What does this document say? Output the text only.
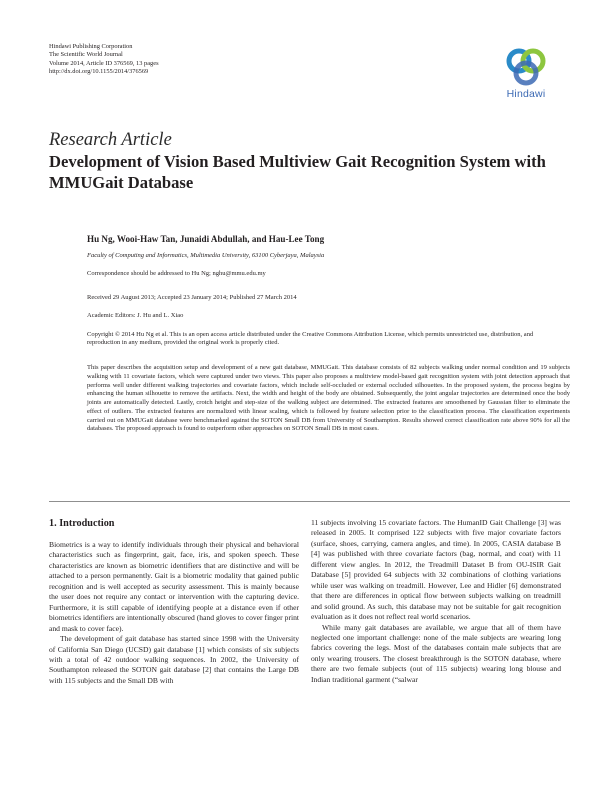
Hindawi Publishing Corporation
The Scientific World Journal
Volume 2014, Article ID 376569, 13 pages
http://dx.doi.org/10.1155/2014/376569
Hindawi
Research Article
Development of Vision Based Multiview Gait Recognition System with MMUGait Database
Hu Ng, Wooi-Haw Tan, Junaidi Abdullah, and Hau-Lee Tong
Faculty of Computing and Informatics, Multimedia University, 63100 Cyberjaya, Malaysia
Correspondence should be addressed to Hu Ng; nghu@mmu.edu.my
Received 29 August 2013; Accepted 23 January 2014; Published 27 March 2014
Academic Editors: J. Hu and L. Xiao
Copyright © 2014 Hu Ng et al. This is an open access article distributed under the Creative Commons Attribution License, which permits unrestricted use, distribution, and reproduction in any medium, provided the original work is properly cited.

This paper describes the acquisition setup and development of a new gait database, MMUGait. This database consists of 82 subjects walking under normal condition and 19 subjects walking with 11 covariate factors, which were captured under two views. This paper also proposes a multiview model-based gait recognition system with joint detection approach that performs well under different walking trajectories and covariate factors, which include self-occluded or external occluded silhouettes. In the proposed system, the process begins by enhancing the human silhouette to remove the artifacts. Next, the width and height of the body are obtained. Subsequently, the joint angular trajectories are determined once the body joints are automatically detected. Lastly, crotch height and step-size of the walking subject are determined. The extracted features are smoothened by Gaussian filter to eliminate the effect of outliers. The extracted features are normalized with linear scaling, which is followed by feature selection prior to the classification process. The classification experiments carried out on MMUGait database were benchmarked against the SOTON Small DB from University of Southampton. Results showed correct classification rate above 90% for all the databases. The proposed approach is found to outperform other approaches on SOTON Small DB in most cases.

1. Introduction

Biometrics is a way to identify individuals through their physical and behavioral characteristics such as fingerprint, gait, face, iris, and spoken speech. These characteristics are known as biometric identifiers that are distinctive and will be attached to a person permanently. Gait is a biometric modality that gained public recognition and is well accepted as security assessment. This is mainly because the user does not require any contact or intervention with the capturing device. Furthermore, it is still capable of identifying people at a distance even if other biometrics identifiers are intentionally obscured (hand gloves to cover finger print and mask to cover face).

The development of gait database has started since 1998 with the University of California San Diego (UCSD) gait database [1] which consists of six subjects with a total of 42 outdoor walking sequences. In 2002, the University of Southampton released the SOTON gait database [2] that contains the Large DB with 115 subjects and the Small DB with

11 subjects involving 15 covariate factors. The HumanID Gait Challenge [3] was released in 2005. It comprised 122 subjects with five major covariate factors (surface, shoes, carrying, camera angles, and time). In 2005, CASIA database B [4] was published with three covariate factors (bag, normal, and coat) with 11 different view angles. In 2012, the Treadmill Dataset B from OU-ISIR Gait Database [5] provided 64 subjects with 32 combinations of clothing variations while user was walking on treadmill. However, Lee and Hidler [6] demonstrated that there are differences in optical flow between subjects walking on treadmill and solid ground. As such, this database may not be suitable for gait recognition evaluation as it does not reflect real world scenarios.

While many gait databases are available, we argue that all of them have neglected one important challenge: none of the male subjects are wearing long fabrics covering the legs. Most of the databases contain male subjects that are only wearing trousers. The closest breakthrough is the SOTON database, where there are two female subjects (out of 115 subjects) wearing long blouse and Indian traditional garment (“salwar
